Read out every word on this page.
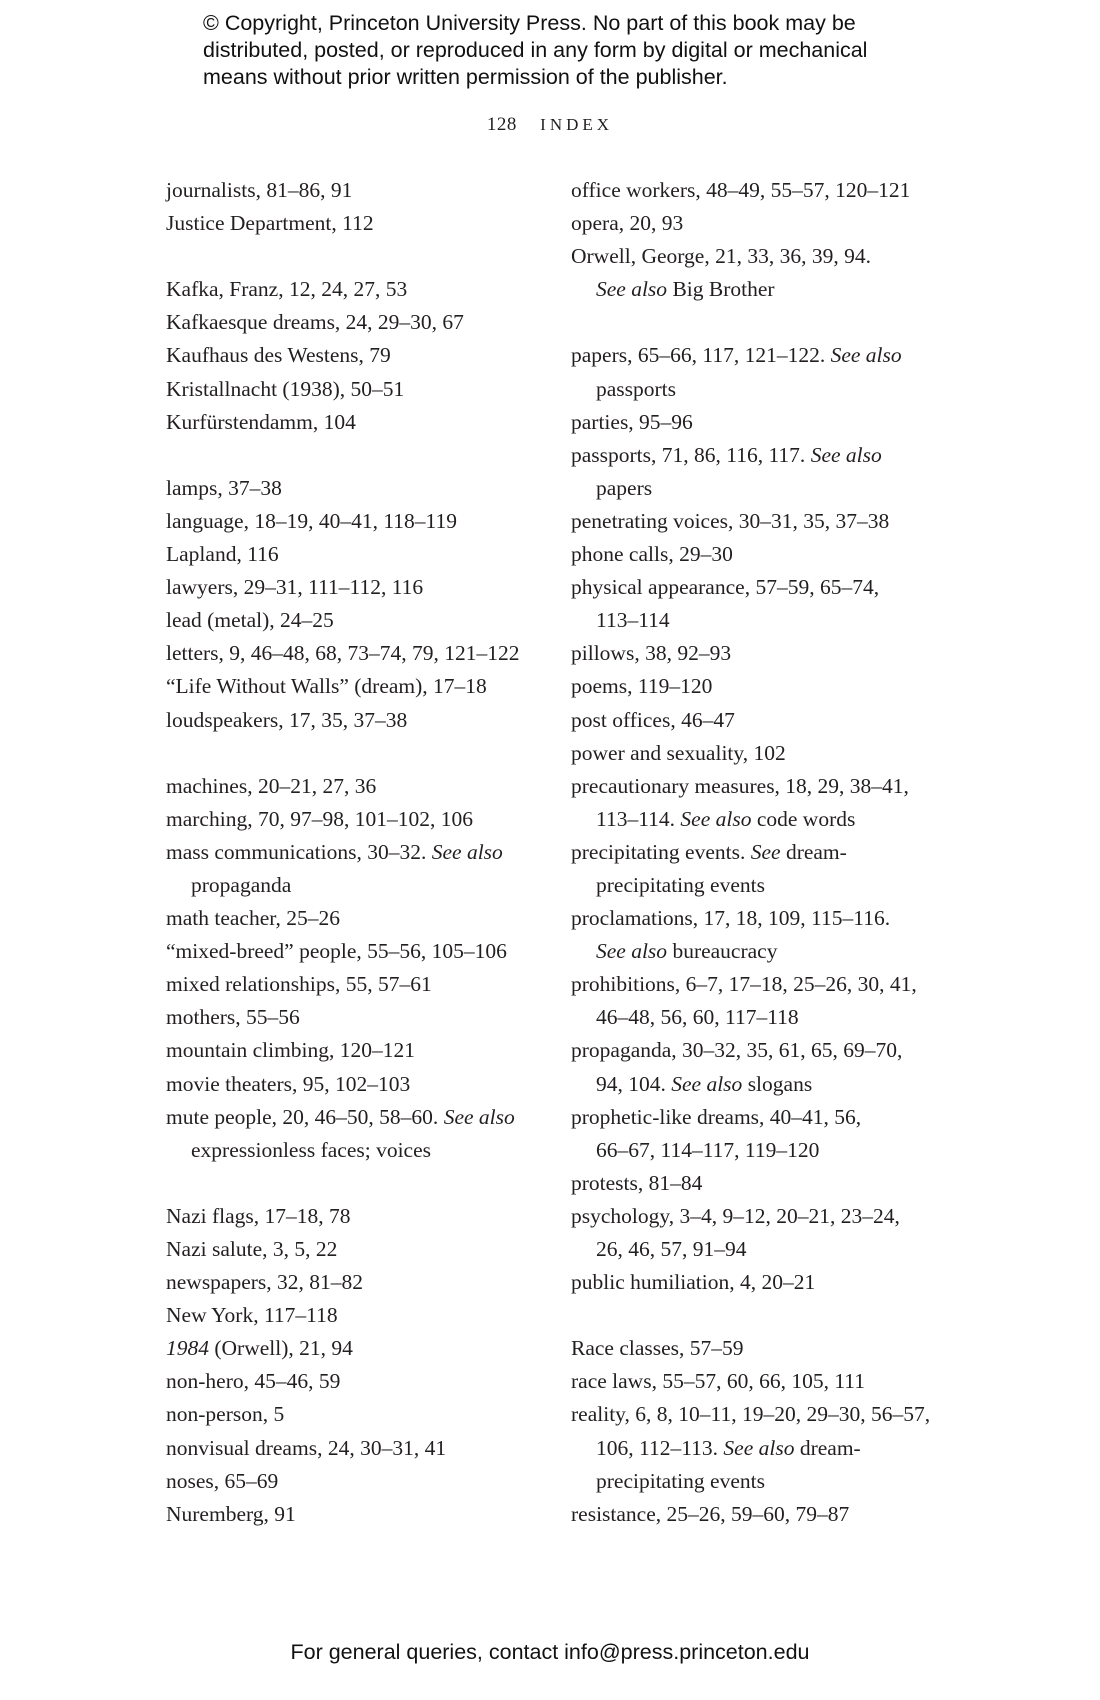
© Copyright, Princeton University Press. No part of this book may be
distributed, posted, or reproduced in any form by digital or mechanical
means without prior written permission of the publisher.
128 INDEX
journalists, 81–86, 91
Justice Department, 112
Kafka, Franz, 12, 24, 27, 53
Kafkaesque dreams, 24, 29–30, 67
Kaufhaus des Westens, 79
Kristallnacht (1938), 50–51
Kurfürstendamm, 104
lamps, 37–38
language, 18–19, 40–41, 118–119
Lapland, 116
lawyers, 29–31, 111–112, 116
lead (metal), 24–25
letters, 9, 46–48, 68, 73–74, 79, 121–122
“Life Without Walls” (dream), 17–18
loudspeakers, 17, 35, 37–38
machines, 20–21, 27, 36
marching, 70, 97–98, 101–102, 106
mass communications, 30–32. See also
propaganda
math teacher, 25–26
“mixed-breed” people, 55–56, 105–106
mixed relationships, 55, 57–61
mothers, 55–56
mountain climbing, 120–121
movie theaters, 95, 102–103
mute people, 20, 46–50, 58–60. See also
expressionless faces; voices
Nazi flags, 17–18, 78
Nazi salute, 3, 5, 22
newspapers, 32, 81–82
New York, 117–118
1984 (Orwell), 21, 94
non-hero, 45–46, 59
non-person, 5
nonvisual dreams, 24, 30–31, 41
noses, 65–69
Nuremberg, 91
office workers, 48–49, 55–57, 120–121
opera, 20, 93
Orwell, George, 21, 33, 36, 39, 94.
See also Big Brother
papers, 65–66, 117, 121–122. See also
passports
parties, 95–96
passports, 71, 86, 116, 117. See also
papers
penetrating voices, 30–31, 35, 37–38
phone calls, 29–30
physical appearance, 57–59, 65–74,
113–114
pillows, 38, 92–93
poems, 119–120
post offices, 46–47
power and sexuality, 102
precautionary measures, 18, 29, 38–41,
113–114. See also code words
precipitating events. See dream-
precipitating events
proclamations, 17, 18, 109, 115–116.
See also bureaucracy
prohibitions, 6–7, 17–18, 25–26, 30, 41,
46–48, 56, 60, 117–118
propaganda, 30–32, 35, 61, 65, 69–70,
94, 104. See also slogans
prophetic-like dreams, 40–41, 56,
66–67, 114–117, 119–120
protests, 81–84
psychology, 3–4, 9–12, 20–21, 23–24,
26, 46, 57, 91–94
public humiliation, 4, 20–21
Race classes, 57–59
race laws, 55–57, 60, 66, 105, 111
reality, 6, 8, 10–11, 19–20, 29–30, 56–57,
106, 112–113. See also dream-
precipitating events
resistance, 25–26, 59–60, 79–87
For general queries, contact info@press.princeton.edu
